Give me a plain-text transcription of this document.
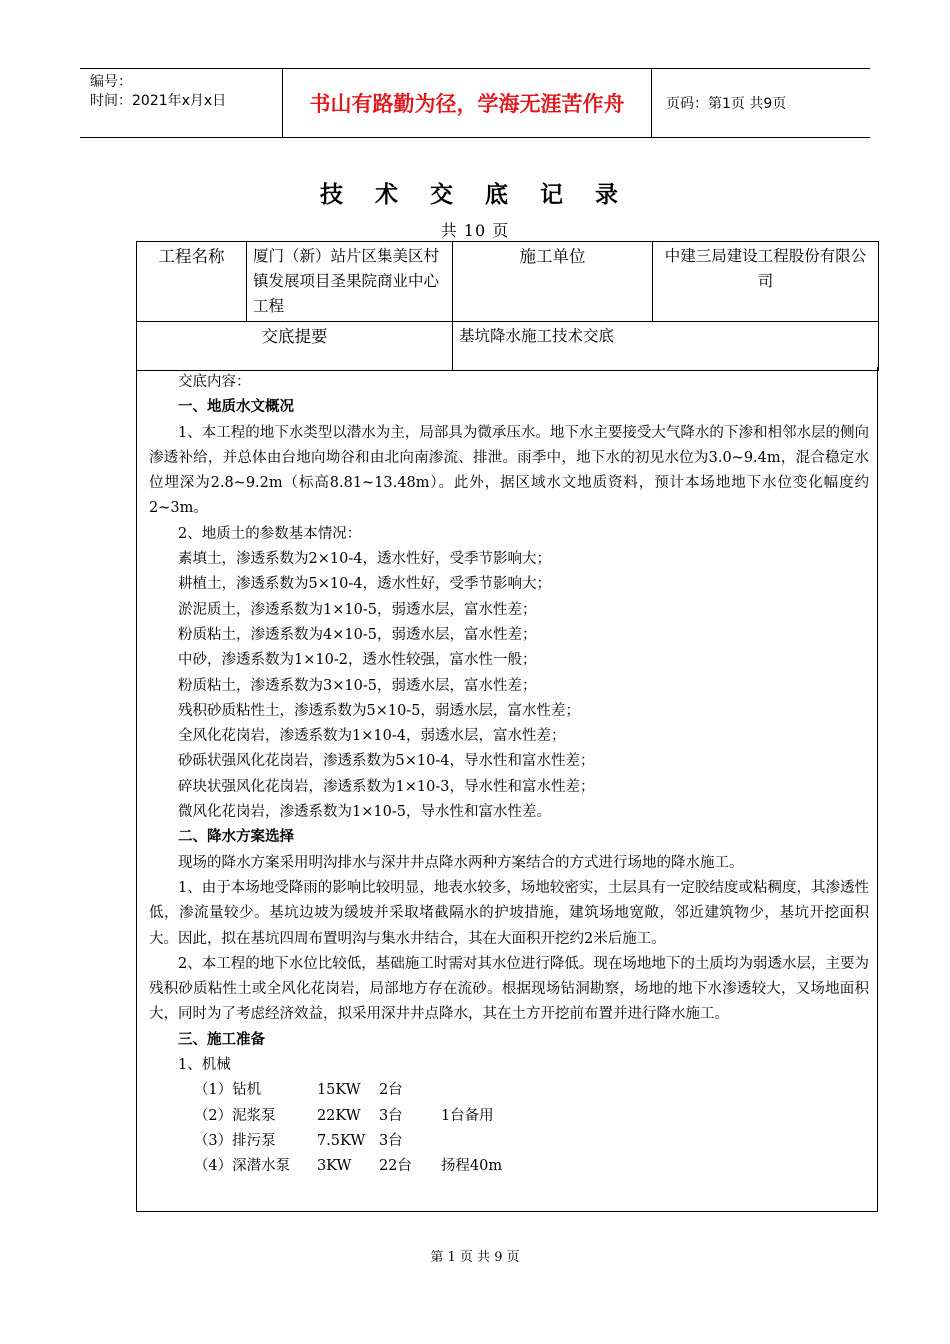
编号：
时间：2021年x月x日	书山有路勤为径，学海无涯苦作舟	页码：第1页 共9页
技 术 交 底 记 录
共 10 页
工程名称	厦门（新）站片区集美区村镇发展项目圣果院商业中心工程	施工单位	中建三局建设工程股份有限公司
交底提要		基坑降水施工技术交底	

交底内容：

一、地质水文概况

1、本工程的地下水类型以潜水为主，局部具为微承压水。地下水主要接受大气降水的下渗和相邻水层的侧向渗透补给，并总体由台地向坳谷和由北向南渗流、排泄。雨季中，地下水的初见水位为3.0~9.4m，混合稳定水位埋深为2.8~9.2m（标高8.81~13.48m）。此外，据区域水文地质资料，预计本场地地下水位变化幅度约2~3m。

2、地质土的参数基本情况：

素填土，渗透系数为2×10-4，透水性好，受季节影响大；

耕植土，渗透系数为5×10-4，透水性好，受季节影响大；

淤泥质土，渗透系数为1×10-5，弱透水层，富水性差；

粉质粘土，渗透系数为4×10-5，弱透水层，富水性差；

中砂，渗透系数为1×10-2，透水性较强，富水性一般；

粉质粘土，渗透系数为3×10-5，弱透水层，富水性差；

残积砂质粘性土，渗透系数为5×10-5，弱透水层，富水性差；

全风化花岗岩，渗透系数为1×10-4，弱透水层，富水性差；

砂砾状强风化花岗岩，渗透系数为5×10-4，导水性和富水性差；

碎块状强风化花岗岩，渗透系数为1×10-3，导水性和富水性差；

微风化花岗岩，渗透系数为1×10-5，导水性和富水性差。

二、降水方案选择

现场的降水方案采用明沟排水与深井井点降水两种方案结合的方式进行场地的降水施工。

1、由于本场地受降雨的影响比较明显，地表水较多，场地较密实，土层具有一定胶结度或粘稠度，其渗透性低，渗流量较少。基坑边坡为缓坡并采取堵截隔水的护坡措施，建筑场地宽敞，邻近建筑物少，基坑开挖面积大。因此，拟在基坑四周布置明沟与集水井结合，其在大面积开挖约2米后施工。

2、本工程的地下水位比较低，基础施工时需对其水位进行降低。现在场地地下的土质均为弱透水层，主要为残积砂质粘性土或全风化花岗岩，局部地方存在流砂。根据现场钻洞勘察，场地的地下水渗透较大，又场地面积大，同时为了考虑经济效益，拟采用深井井点降水，其在土方开挖前布置并进行降水施工。

三、施工准备

1、机械

（1）钻机	15KW	2台
（2）泥浆泵	22KW	3台	1台备用
（3）排污泵	7.5KW 3台
（4）深潜水泵	3KW	22台	扬程40m
第 1 页 共 9 页
